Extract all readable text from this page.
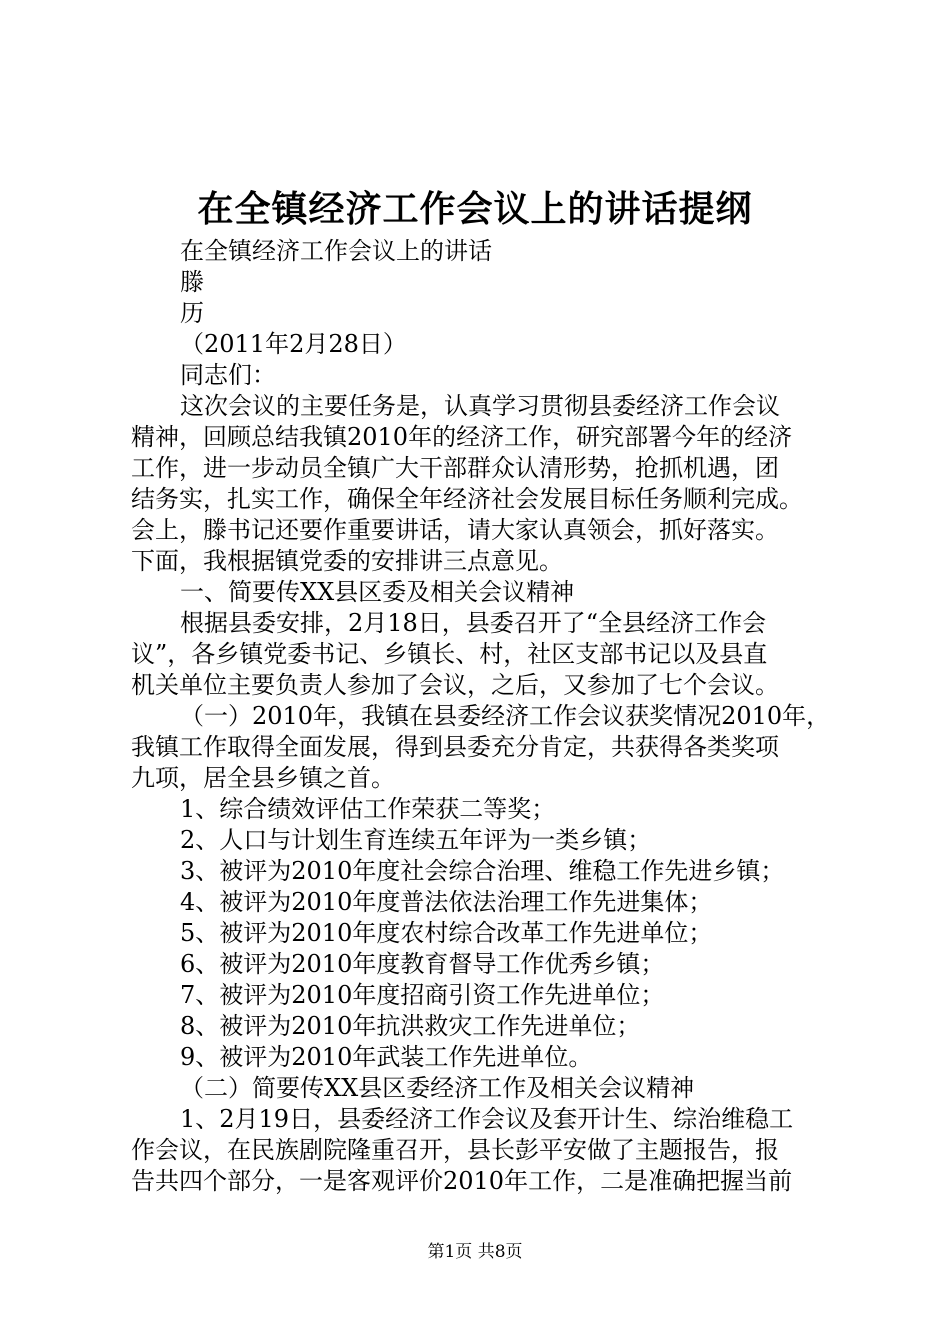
在全镇经济工作会议上的讲话提纲
在全镇经济工作会议上的讲话
滕
历
（2011年2月28日）
同志们：
这次会议的主要任务是，认真学习贯彻县委经济工作会议
精神，回顾总结我镇2010年的经济工作，研究部署今年的经济
工作，进一步动员全镇广大干部群众认清形势，抢抓机遇，团
结务实，扎实工作，确保全年经济社会发展目标任务顺利完成。
会上，滕书记还要作重要讲话，请大家认真领会，抓好落实。
下面，我根据镇党委的安排讲三点意见。
一、简要传XX县区委及相关会议精神
根据县委安排，2月18日，县委召开了“全县经济工作会
议”，各乡镇党委书记、乡镇长、村，社区支部书记以及县直
机关单位主要负责人参加了会议，之后，又参加了七个会议。
（一）2010年，我镇在县委经济工作会议获奖情况2010年，
我镇工作取得全面发展，得到县委充分肯定，共获得各类奖项
九项，居全县乡镇之首。
1、综合绩效评估工作荣获二等奖；
2、人口与计划生育连续五年评为一类乡镇；
3、被评为2010年度社会综合治理、维稳工作先进乡镇；
4、被评为2010年度普法依法治理工作先进集体；
5、被评为2010年度农村综合改革工作先进单位；
6、被评为2010年度教育督导工作优秀乡镇；
7、被评为2010年度招商引资工作先进单位；
8、被评为2010年抗洪救灾工作先进单位；
9、被评为2010年武装工作先进单位。
（二）简要传XX县区委经济工作及相关会议精神
1、2月19日，县委经济工作会议及套开计生、综治维稳工
作会议，在民族剧院隆重召开，县长彭平安做了主题报告，报
告共四个部分，一是客观评价2010年工作，二是准确把握当前
第1页 共8页
